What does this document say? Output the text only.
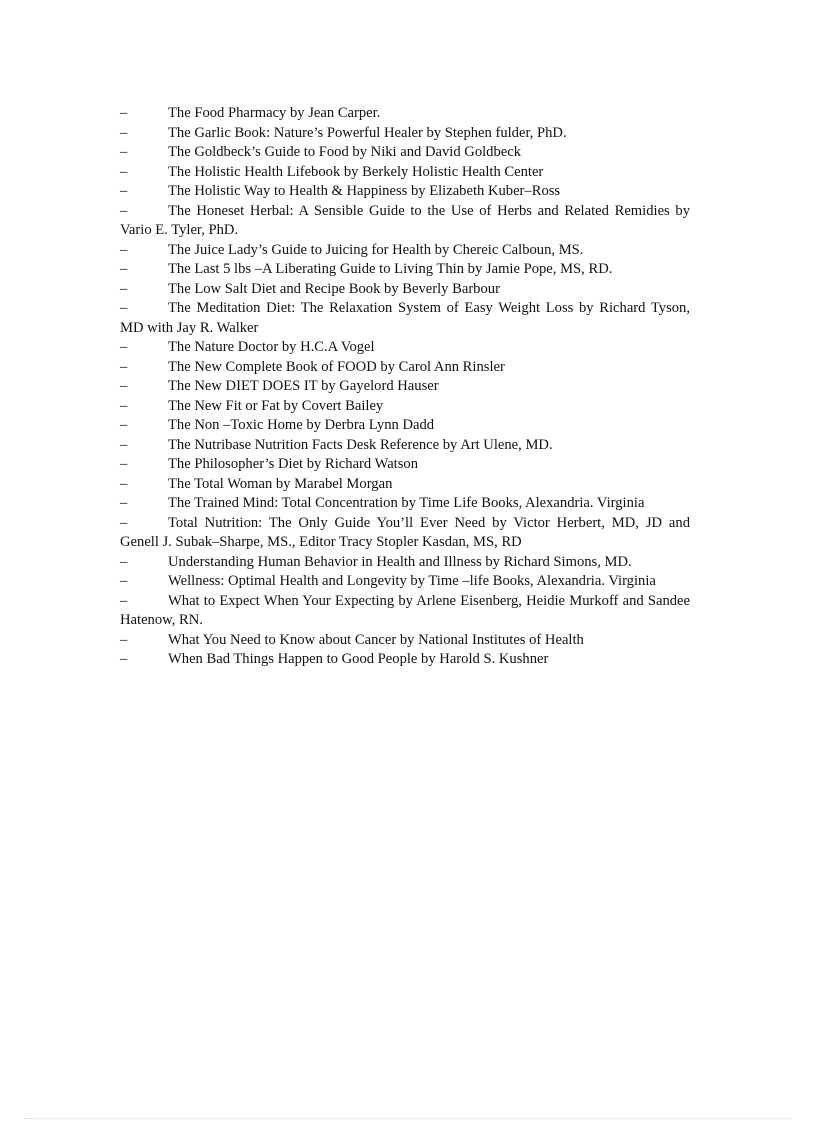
–	The Food Pharmacy by Jean Carper.
–	The Garlic Book: Nature’s Powerful Healer by Stephen fulder, PhD.
–	The Goldbeck’s Guide to Food by Niki and David Goldbeck
–	The Holistic Health Lifebook by Berkely Holistic Health Center
–	The Holistic Way to Health & Happiness by Elizabeth Kuber–Ross
–	The Honeset Herbal: A Sensible Guide to the Use of Herbs and Related Remidies by Vario E. Tyler, PhD.
–	The Juice Lady’s Guide to Juicing for Health by Chereic Calboun, MS.
–	The Last 5 lbs –A Liberating Guide to Living Thin by Jamie Pope, MS, RD.
–	The Low Salt Diet and Recipe Book by Beverly Barbour
–	The Meditation Diet: The Relaxation System of Easy Weight Loss by Richard Tyson, MD with Jay R. Walker
–	The Nature Doctor by H.C.A Vogel
–	The New Complete Book of FOOD by Carol Ann Rinsler
–	The New DIET DOES IT by Gayelord Hauser
–	The New Fit or Fat by Covert Bailey
–	The Non –Toxic Home by Derbra Lynn Dadd
–	The Nutribase Nutrition Facts Desk Reference by Art Ulene, MD.
–	The Philosopher’s Diet by Richard Watson
–	The Total Woman by Marabel Morgan
–	The Trained Mind: Total Concentration by Time Life Books, Alexandria. Virginia
–	Total Nutrition: The Only Guide You’ll Ever Need by Victor Herbert, MD, JD and Genell J. Subak–Sharpe, MS., Editor Tracy Stopler Kasdan, MS, RD
–	Understanding Human Behavior in Health and Illness by Richard Simons, MD.
–	Wellness: Optimal Health and Longevity by Time –life Books, Alexandria. Virginia
–	What to Expect When Your Expecting by Arlene Eisenberg, Heidie Murkoff and Sandee Hatenow, RN.
–	What You Need to Know about Cancer by National Institutes of Health
–	When Bad Things Happen to Good People by Harold S. Kushner
